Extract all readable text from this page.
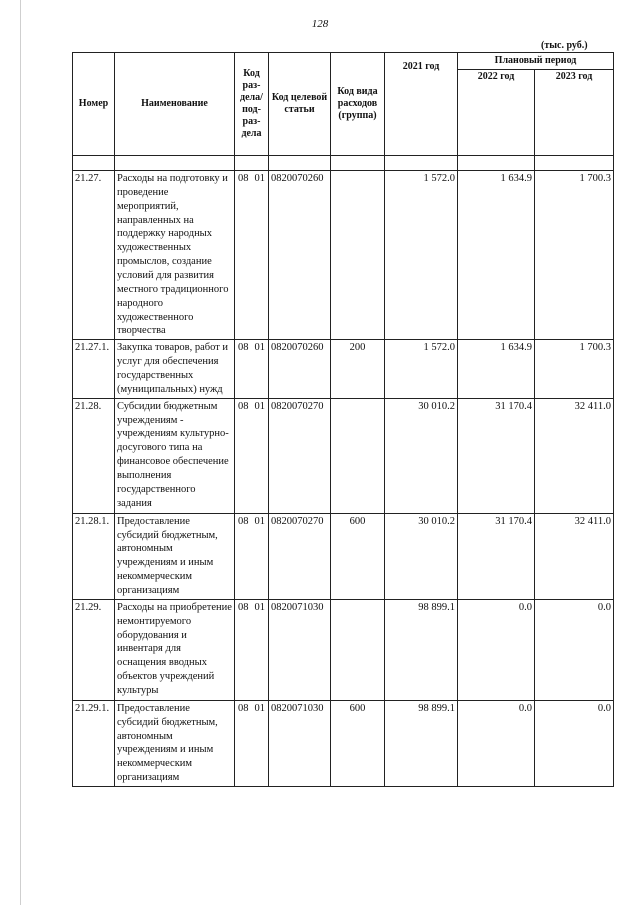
128
(тыс. руб.)
Номер	Наименование	Код раз-дела/ под-раз-дела	Код целевой статьи	Код вида расходов (группа)	2021 год	Плановый период	
						2022 год	2023 год

21.27.	Расходы на подготовку и проведение мероприятий, направленных на поддержку народных художественных промыслов, создание условий для развития местного традиционного народного художественного творчества	08 01	0820070260		1 572.0	1 634.9	1 700.3
21.27.1.	Закупка товаров, работ и услуг для обеспечения государственных (муниципальных) нужд	08 01	0820070260	200	1 572.0	1 634.9	1 700.3
21.28.	Субсидии бюджетным учреждениям - учреждениям культурно-досугового типа на финансовое обеспечение выполнения государственного задания	08 01	0820070270		30 010.2	31 170.4	32 411.0
21.28.1.	Предоставление субсидий бюджетным, автономным учреждениям и иным некоммерческим организациям	08 01	0820070270	600	30 010.2	31 170.4	32 411.0
21.29.	Расходы на приобретение немонтируемого оборудования и инвентаря для оснащения вводных объектов учреждений культуры	08 01	0820071030		98 899.1	0.0	0.0
21.29.1.	Предоставление субсидий бюджетным, автономным учреждениям и иным некоммерческим организациям	08 01	0820071030	600	98 899.1	0.0	0.0
